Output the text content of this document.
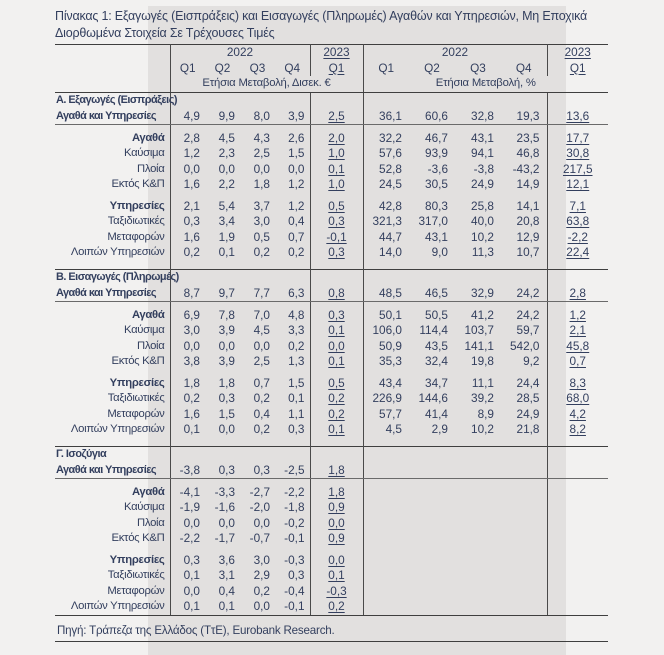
Πίνακας 1: Εξαγωγές (Εισπράξεις) και Εισαγωγές (Πληρωμές) Αγαθών και Υπηρεσιών, Μη Εποχικά Διορθωμένα Στοιχεία Σε Τρέχουσες Τιμές
	2022				2023	2022				2023
	Q1	Q2	Q3	Q4	Q1	Q1	Q2	Q3	Q4	Q1
	Ετήσια Μεταβολή, Δισεκ. €					Ετήσια Μεταβολή, %				
Α. Εξαγωγές (Εισπράξεις)										
Αγαθά και Υπηρεσίες	4,9	9,9	8,0	3,9	2,5	36,1	60,6	32,8	19,3	13,6

Αγαθά	2,8	4,5	4,3	2,6	2,0	32,2	46,7	43,1	23,5	17,7
Καύσιμα	1,2	2,3	2,5	1,5	1,0	57,6	93,9	94,1	46,8	30,8
Πλοία	0,0	0,0	0,0	0,0	0,1	52,8	-3,6	-3,8	-43,2	217,5
Εκτός Κ&Π	1,6	2,2	1,8	1,2	1,0	24,5	30,5	24,9	14,9	12,1

Υπηρεσίες	2,1	5,4	3,7	1,2	0,5	42,8	80,3	25,8	14,1	7,1
Ταξιδιωτικές	0,3	3,4	3,0	0,4	0,3	321,3	317,0	40,0	20,8	63,8
Μεταφορών	1,6	1,9	0,5	0,7	-0,1	44,7	43,1	10,2	12,9	-2,2
Λοιπών Υπηρεσιών	0,2	0,1	0,2	0,2	0,3	14,0	9,0	11,3	10,7	22,4

Β. Εισαγωγές (Πληρωμές)										
Αγαθά και Υπηρεσίες	8,7	9,7	7,7	6,3	0,8	48,5	46,5	32,9	24,2	2,8

Αγαθά	6,9	7,8	7,0	4,8	0,3	50,1	50,5	41,2	24,2	1,2
Καύσιμα	3,0	3,9	4,5	3,3	0,1	106,0	114,4	103,7	59,7	2,1
Πλοία	0,0	0,0	0,0	0,2	0,0	50,9	43,5	141,1	542,0	45,8
Εκτός Κ&Π	3,8	3,9	2,5	1,3	0,1	35,3	32,4	19,8	9,2	0,7

Υπηρεσίες	1,8	1,8	0,7	1,5	0,5	43,4	34,7	11,1	24,4	8,3
Ταξιδιωτικές	0,2	0,3	0,2	0,1	0,2	226,9	144,6	39,2	28,5	68,0
Μεταφορών	1,6	1,5	0,4	1,1	0,2	57,7	41,4	8,9	24,9	4,2
Λοιπών Υπηρεσιών	0,1	0,0	0,2	0,3	0,1	4,5	2,9	10,2	21,8	8,2

Γ. Ισοζύγια										
Αγαθά και Υπηρεσίες	-3,8	0,3	0,3	-2,5	1,8					

Αγαθά	-4,1	-3,3	-2,7	-2,2	1,8					
Καύσιμα	-1,9	-1,6	-2,0	-1,8	0,9					
Πλοία	0,0	0,0	0,0	-0,2	0,0					
Εκτός Κ&Π	-2,2	-1,7	-0,7	-0,1	0,9					

Υπηρεσίες	0,3	3,6	3,0	-0,3	0,0					
Ταξιδιωτικές	0,1	3,1	2,9	0,3	0,1					
Μεταφορών	0,0	0,4	0,2	-0,4	-0,3					
Λοιπών Υπηρεσιών	0,1	0,1	0,0	-0,1	0,2					
Πηγή: Τράπεζα της Ελλάδος (ΤτΕ), Eurobank Research.
